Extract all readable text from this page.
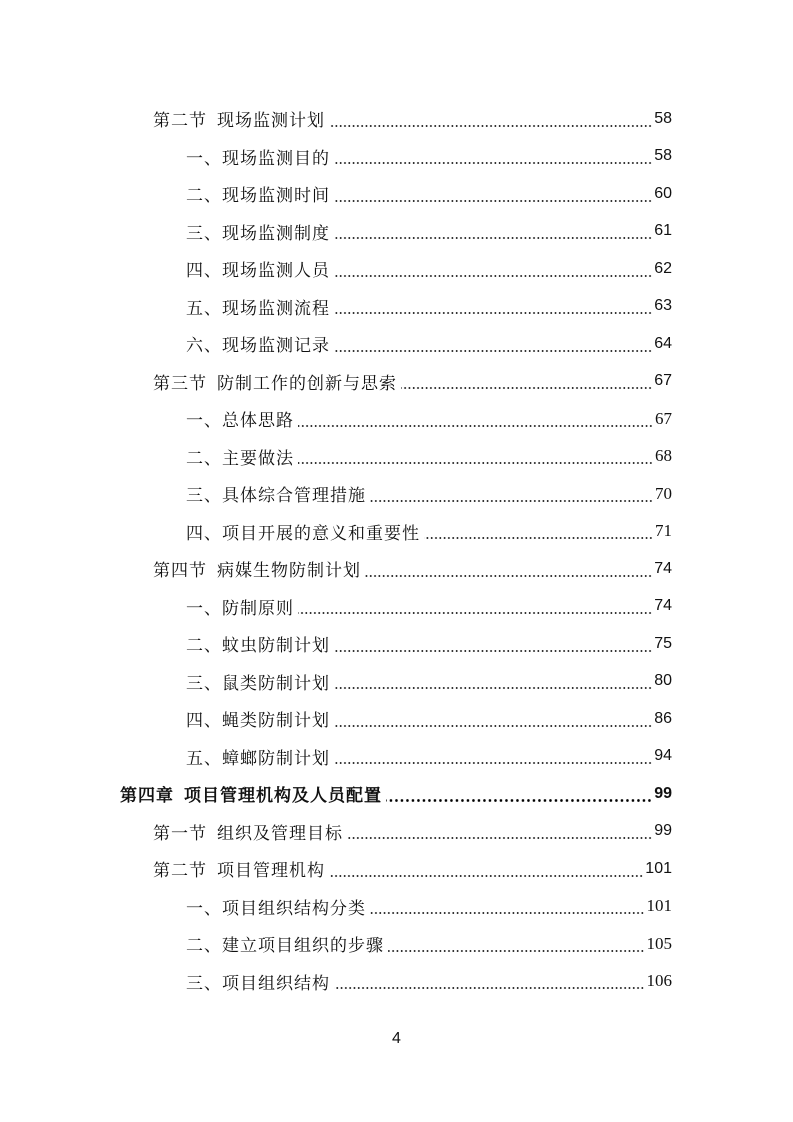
第二节 现场监测计划	58
一、 现场监测目的	58
二、 现场监测时间	60
三、 现场监测制度	61
四、 现场监测人员	62
五、 现场监测流程	63
六、 现场监测记录	64
第三节 防制工作的创新与思索	67
一、 总体思路	67
二、 主要做法	68
三、 具体综合管理措施	70
四、 项目开展的意义和重要性	71
第四节 病媒生物防制计划	74
一、 防制原则	74
二、 蚊虫防制计划	75
三、 鼠类防制计划	80
四、 蝇类防制计划	86
五、 蟑螂防制计划	94
第四章 项目管理机构及人员配置	99
第一节 组织及管理目标	99
第二节 项目管理机构	101
一、 项目组织结构分类	101
二、 建立项目组织的步骤	105
三、 项目组织结构	106
4
